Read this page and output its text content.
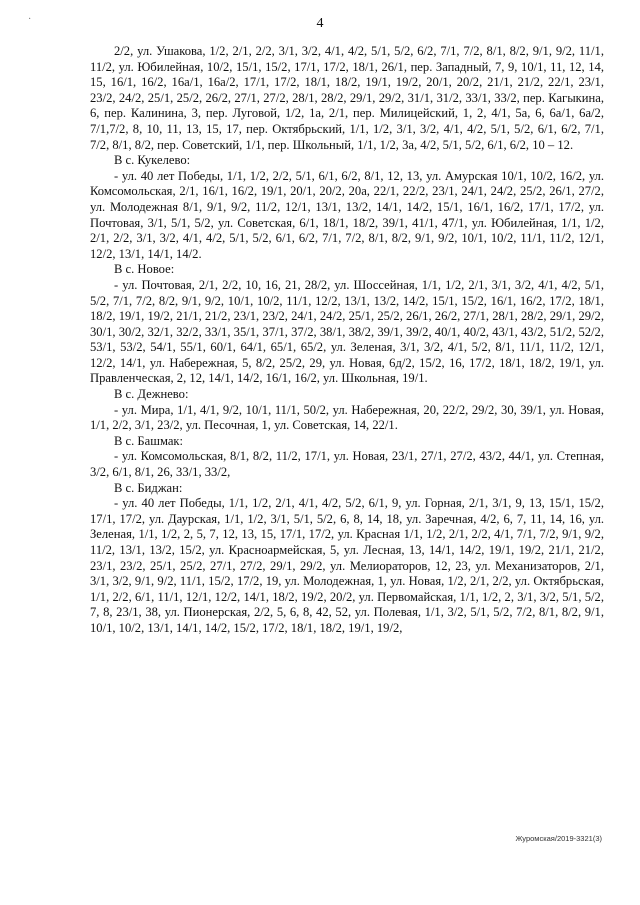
·	4

2/2, ул. Ушакова, 1/2, 2/1, 2/2, 3/1, 3/2, 4/1, 4/2, 5/1, 5/2, 6/2, 7/1, 7/2, 8/1, 8/2, 9/1, 9/2, 11/1, 11/2, ул. Юбилейная, 10/2, 15/1, 15/2, 17/1, 17/2, 18/1, 26/1, пер. Западный, 7, 9, 10/1, 11, 12, 14, 15, 16/1, 16/2, 16а/1, 16а/2, 17/1, 17/2, 18/1, 18/2, 19/1, 19/2, 20/1, 20/2, 21/1, 21/2, 22/1, 23/1, 23/2, 24/2, 25/1, 25/2, 26/2, 27/1, 27/2, 28/1, 28/2, 29/1, 29/2, 31/1, 31/2, 33/1, 33/2, пер. Кагыкина, 6, пер. Калинина, 3, пер. Луговой, 1/2, 1а, 2/1, пер. Милицейский, 1, 2, 4/1, 5а, 6, 6а/1, 6а/2, 7/1,7/2, 8, 10, 11, 13, 15, 17, пер. Октябрьский, 1/1, 1/2, 3/1, 3/2, 4/1, 4/2, 5/1, 5/2, 6/1, 6/2, 7/1, 7/2, 8/1, 8/2, пер. Советский, 1/1, пер. Школьный, 1/1, 1/2, 3а, 4/2, 5/1, 5/2, 6/1, 6/2, 10 – 12.

В с. Кукелево:

- ул. 40 лет Победы, 1/1, 1/2, 2/2, 5/1, 6/1, 6/2, 8/1, 12, 13, ул. Амурская 10/1, 10/2, 16/2, ул. Комсомольская, 2/1, 16/1, 16/2, 19/1, 20/1, 20/2, 20а, 22/1, 22/2, 23/1, 24/1, 24/2, 25/2, 26/1, 27/2, ул. Молодежная 8/1, 9/1, 9/2, 11/2, 12/1, 13/1, 13/2, 14/1, 14/2, 15/1, 16/1, 16/2, 17/1, 17/2, ул. Почтовая, 3/1, 5/1, 5/2, ул. Советская, 6/1, 18/1, 18/2, 39/1, 41/1, 47/1, ул. Юбилейная, 1/1, 1/2, 2/1, 2/2, 3/1, 3/2, 4/1, 4/2, 5/1, 5/2, 6/1, 6/2, 7/1, 7/2, 8/1, 8/2, 9/1, 9/2, 10/1, 10/2, 11/1, 11/2, 12/1, 12/2, 13/1, 14/1, 14/2.

В с. Новое:

- ул. Почтовая, 2/1, 2/2, 10, 16, 21, 28/2, ул. Шоссейная, 1/1, 1/2, 2/1, 3/1, 3/2, 4/1, 4/2, 5/1, 5/2, 7/1, 7/2, 8/2, 9/1, 9/2, 10/1, 10/2, 11/1, 12/2, 13/1, 13/2, 14/2, 15/1, 15/2, 16/1, 16/2, 17/2, 18/1, 18/2, 19/1, 19/2, 21/1, 21/2, 23/1, 23/2, 24/1, 24/2, 25/1, 25/2, 26/1, 26/2, 27/1, 28/1, 28/2, 29/1, 29/2, 30/1, 30/2, 32/1, 32/2, 33/1, 35/1, 37/1, 37/2, 38/1, 38/2, 39/1, 39/2, 40/1, 40/2, 43/1, 43/2, 51/2, 52/2, 53/1, 53/2, 54/1, 55/1, 60/1, 64/1, 65/1, 65/2, ул. Зеленая, 3/1, 3/2, 4/1, 5/2, 8/1, 11/1, 11/2, 12/1, 12/2, 14/1, ул. Набережная, 5, 8/2, 25/2, 29, ул. Новая, 6д/2, 15/2, 16, 17/2, 18/1, 18/2, 19/1, ул. Правленческая, 2, 12, 14/1, 14/2, 16/1, 16/2, ул. Школьная, 19/1.

В с. Дежнево:

- ул. Мира, 1/1, 4/1, 9/2, 10/1, 11/1, 50/2, ул. Набережная, 20, 22/2, 29/2, 30, 39/1, ул. Новая, 1/1, 2/2, 3/1, 23/2, ул. Песочная, 1, ул. Советская, 14, 22/1.

В с. Башмак:

- ул. Комсомольская, 8/1, 8/2, 11/2, 17/1, ул. Новая, 23/1, 27/1, 27/2, 43/2, 44/1, ул. Степная, 3/2, 6/1, 8/1, 26, 33/1, 33/2,

В с. Биджан:

- ул. 40 лет Победы, 1/1, 1/2, 2/1, 4/1, 4/2, 5/2, 6/1, 9, ул. Горная, 2/1, 3/1, 9, 13, 15/1, 15/2, 17/1, 17/2, ул. Даурская, 1/1, 1/2, 3/1, 5/1, 5/2, 6, 8, 14, 18, ул. Заречная, 4/2, 6, 7, 11, 14, 16, ул. Зеленая, 1/1, 1/2, 2, 5, 7, 12, 13, 15, 17/1, 17/2, ул. Красная 1/1, 1/2, 2/1, 2/2, 4/1, 7/1, 7/2, 9/1, 9/2, 11/2, 13/1, 13/2, 15/2, ул. Красноармейская, 5, ул. Лесная, 13, 14/1, 14/2, 19/1, 19/2, 21/1, 21/2, 23/1, 23/2, 25/1, 25/2, 27/1, 27/2, 29/1, 29/2, ул. Мелиораторов, 12, 23, ул. Механизаторов, 2/1, 3/1, 3/2, 9/1, 9/2, 11/1, 15/2, 17/2, 19, ул. Молодежная, 1, ул. Новая, 1/2, 2/1, 2/2, ул. Октябрьская, 1/1, 2/2, 6/1, 11/1, 12/1, 12/2, 14/1, 18/2, 19/2, 20/2, ул. Первомайская, 1/1, 1/2, 2, 3/1, 3/2, 5/1, 5/2, 7, 8, 23/1, 38, ул. Пионерская, 2/2, 5, 6, 8, 42, 52, ул. Полевая, 1/1, 3/2, 5/1, 5/2, 7/2, 8/1, 8/2, 9/1, 10/1, 10/2, 13/1, 14/1, 14/2, 15/2, 17/2, 18/1, 18/2, 19/1, 19/2,

Журомская/2019-3321(3)
